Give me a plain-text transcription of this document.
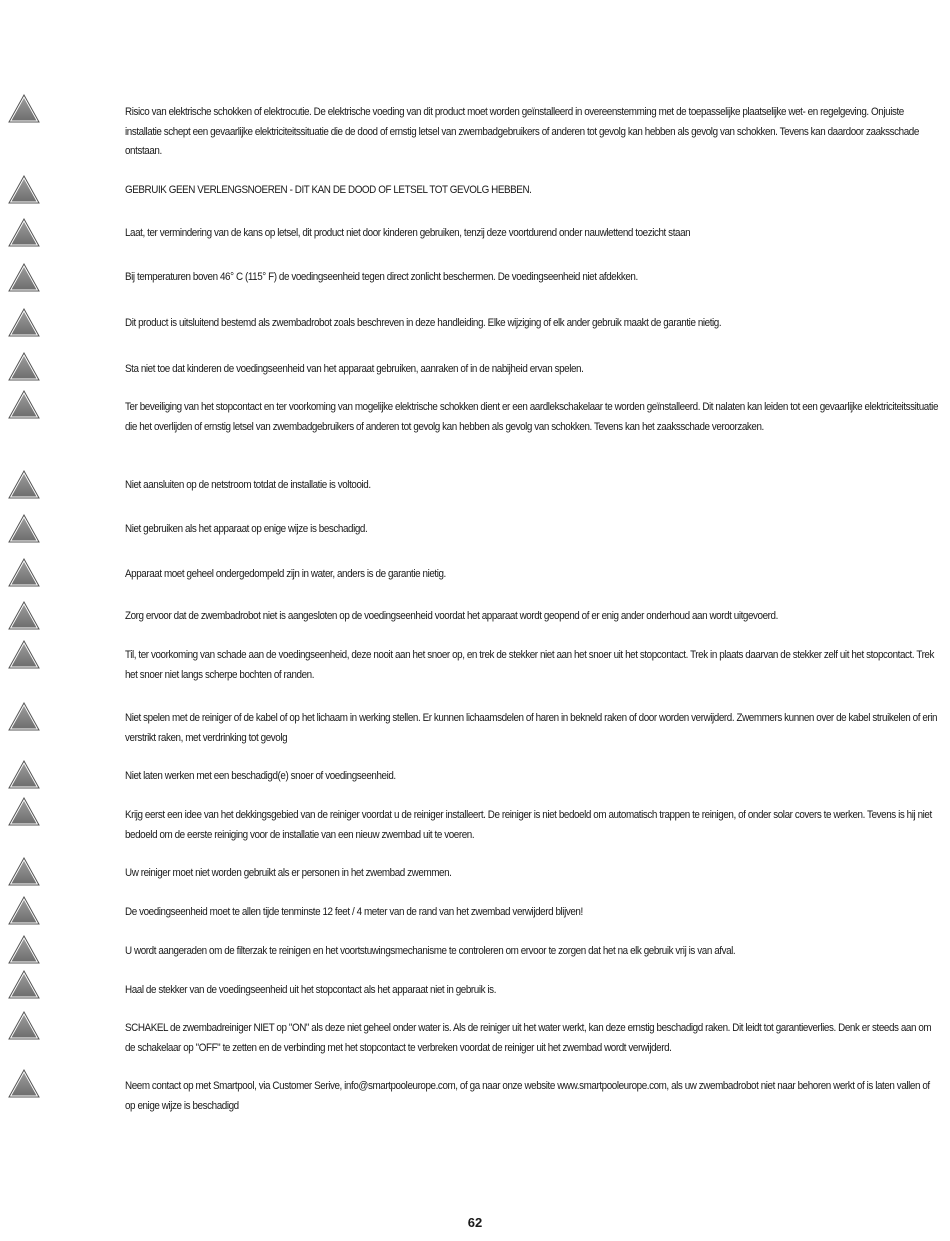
Risico van elektrische schokken of elektrocutie. De elektrische voeding van dit product moet worden geïnstalleerd in overeenstemming met de toepasselijke plaatselijke wet- en regelgeving. Onjuiste installatie schept een gevaarlijke elektriciteitssituatie die de dood of ernstig letsel van zwembadgebruikers of anderen tot gevolg kan hebben als gevolg van schokken. Tevens kan daardoor zaaksschade ontstaan.
GEBRUIK GEEN VERLENGSNOEREN - DIT KAN DE DOOD OF LETSEL TOT GEVOLG HEBBEN.
Laat, ter vermindering van de kans op letsel, dit product niet door kinderen gebruiken, tenzij deze voortdurend onder nauwlettend toezicht staan
Bij temperaturen boven 46° C (115° F) de voedingseenheid tegen direct zonlicht beschermen. De voedingseenheid niet afdekken.
Dit product is uitsluitend bestemd als zwembadrobot zoals beschreven in deze handleiding. Elke wijziging of elk ander gebruik maakt de garantie nietig.
Sta niet toe dat kinderen de voedingseenheid van het apparaat gebruiken, aanraken of in de nabijheid ervan spelen.
Ter beveiliging van het stopcontact en ter voorkoming van mogelijke elektrische schokken dient er een aardlekschakelaar te worden geïnstalleerd. Dit nalaten kan leiden tot een gevaarlijke elektriciteitssituatie die het overlijden of ernstig letsel van zwembadgebruikers of anderen tot gevolg kan hebben als gevolg van schokken. Tevens kan het zaaksschade veroorzaken.
Niet aansluiten op de netstroom totdat de installatie is voltooid.
Niet gebruiken als het apparaat op enige wijze is beschadigd.
Apparaat moet geheel ondergedompeld zijn in water, anders is de garantie nietig.
Zorg ervoor dat de zwembadrobot niet is aangesloten op de voedingseenheid voordat het apparaat wordt geopend of er enig ander onderhoud aan wordt uitgevoerd.
Til, ter voorkoming van schade aan de voedingseenheid, deze nooit aan het snoer op, en trek de stekker niet aan het snoer uit het stopcontact. Trek in plaats daarvan de stekker zelf uit het stopcontact. Trek het snoer niet langs scherpe bochten of randen.
Niet spelen met de reiniger of de kabel of op het lichaam in werking stellen. Er kunnen lichaamsdelen of haren in bekneld raken of door worden verwijderd. Zwemmers kunnen over de kabel struikelen of erin verstrikt raken, met verdrinking tot gevolg
Niet laten werken met een beschadigd(e) snoer of voedingseenheid.
Krijg eerst een idee van het dekkingsgebied van de reiniger voordat u de reiniger installeert. De reiniger is niet bedoeld om automatisch trappen te reinigen, of onder solar covers te werken. Tevens is hij niet bedoeld om de eerste reiniging voor de installatie van een nieuw zwembad uit te voeren.
Uw reiniger moet niet worden gebruikt als er personen in het zwembad zwemmen.
De voedingseenheid moet te allen tijde tenminste 12 feet / 4 meter van de rand van het zwembad verwijderd blijven!
U wordt aangeraden om de filterzak te reinigen en het voortstuwingsmechanisme te controleren om ervoor te zorgen dat het na elk gebruik vrij is van afval.
Haal de stekker van de voedingseenheid uit het stopcontact als het apparaat niet in gebruik is.
SCHAKEL de zwembadreiniger NIET op "ON" als deze niet geheel onder water is. Als de reiniger uit het water werkt, kan deze ernstig beschadigd raken. Dit leidt tot garantieverlies. Denk er steeds aan om de schakelaar op "OFF" te zetten en de verbinding met het stopcontact te verbreken voordat de reiniger uit het zwembad wordt verwijderd.
Neem contact op met Smartpool, via Customer Serive, info@smartpooleurope.com, of ga naar onze website www.smartpooleurope.com, als uw zwembadrobot niet naar behoren werkt of is laten vallen of op enige wijze is beschadigd
62
